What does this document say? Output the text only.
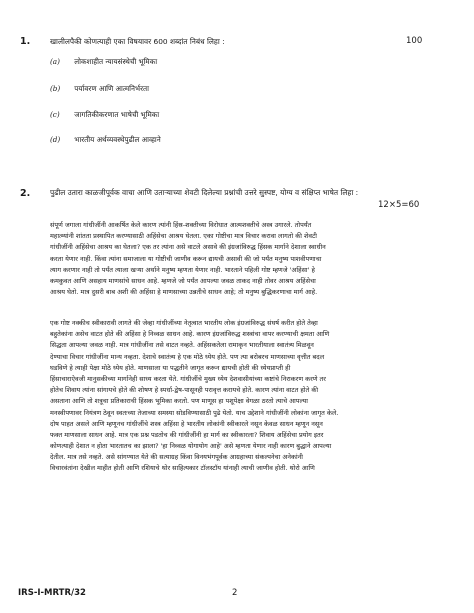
1.	खालीलपैकी कोणत्याही एका विषयावर 600 शब्दांत निबंध लिहा :	100
(a) लोकशाहीत न्यायसंस्थेची भूमिका
(b) पर्यावरण आणि आत्मनिर्भरता
(c) जागतिकीकरणात भाषेची भूमिका
(d) भारतीय अर्थव्यवस्थेपुढील आव्हाने
2.	पुढील उतारा काळजीपूर्वक वाचा आणि उताऱ्याच्या शेवटी दिलेल्या प्रश्नांची उत्तरे सुस्पष्ट, योग्य व संक्षिप्त भाषेत लिहा :
12×5=60
संपूर्ण जगाला गांधीजींनी आकर्षित केले कारण त्यांनी हिंस्र-शक्तीच्या विरोधात आत्मशक्तीचे अस्त्र उगारले. तोपर्यंत
महात्म्यांनी शांतता प्रस्थापित करण्यासाठी अहिंसेचा आश्रय घेतला. एका गोष्टीचा मात्र विचार करावा लागतो की शेवटी
गांधीजींनी अहिंसेचा आश्रय का घेतला? एक तर त्यांना असे वाटले असावे की इंग्रजांविरुद्ध हिंसक मार्गाने देशाला स्वाधीन
करता येणार नाही. किंवा त्यांना समाजाला या गोष्टीची जाणीव करून द्यायची असावी की जो पर्यंत मनुष्य पाशवीपणाचा
त्याग करणार नाही तो पर्यंत त्याला खऱ्या अर्थाने मनुष्य म्हणता येणार नाही. भारताने पहिली गोष्ट म्हणजे 'अहिंसा' हे
कमकुवत आणि असहाय माणसांचे साधन आहे. म्हणजे जो पर्यंत आपल्या जवळ ताकद नाही तोवर आश्रय अहिंसेचा
आश्रय घेतो. मात्र दुसरी बाब अशी की अहिंसा हे माणसाच्या उन्नतीचे साधन आहे; तो मनुष्य बुद्धिकरणाचा मार्ग आहे.
एक गोष्ट नक्कीच स्वीकारावी लागते की जेव्हा गांधीजींच्या नेतृत्वात भारतीय लोक इंग्रजांविरुद्ध संघर्ष करीत होते तेव्हा
बहुतेकांना असेच वाटत होते की अहिंसा हे निव्वळ साधन आहे. कारण इंग्रजांविरुद्ध शस्त्रांचा वापर करण्याची क्षमता आणि
सिद्धता आपल्या जवळ नाही. मात्र गांधीजींना तसे वाटत नव्हते. अहिंसकतेला रामाकृन भारतीयाला स्वातंत्र्य मिळवून
देण्याचा विचार गांधीजींना मान्य नव्हता. देशाचे स्वातंत्र्य हे एक मोठे ध्येय होते. पण त्या बरोबरच माणसाच्या वृत्तीत बदल
घडविणे हे त्याही पेक्षा मोठे ध्येय होते. माणसाला या पद्धतीने जागृत करून द्यायची होती की ध्येयप्राप्ती ही
हिंसाचाराऐवजी मानुसकीच्या मार्गानेही साध्य करता येते. गांधीजींचे मुख्य ध्येय देशवासीयांच्या कष्टांचे निराकरण करणे तर
होतेच शिवाय त्यांना सांगायचे होते की शोषण हे स्पर्धा-द्वेष-पासूनही परावृत्त करायचे होते. कारण त्यांना वाटत होते की
असताना आणि तो शत्रूचा प्रतिकाराची हिंसक भूमिका करतो. पण माणूस हा पशूपेक्षा वेगळा ठरतो त्याचे आपल्या
मनस्वीपणावर नियंत्रण ठेवून स्वतःच्या तेजाच्या समस्या सोडविण्यासाठी पुढे येतो. याच उद्देशाने गांधीजींनी लोकांना जागृत केले.
दोष पाहत असले आणि म्हणूनच गांधीजींचे शस्त्र अहिंसा हे भारतीय लोकांनी स्वीकारले नसून केवळ साधन म्हणून नसून
फक्त माणसाला साधन आहे. मात्र एक प्रश्न पडतोच की गांधीजींनी हा मार्ग का स्वीकारला? शिवाय अहिंसेचा प्रयोग इतर
कोणत्याही देशात न होता भारतातच का झाला? 'हा निव्वळ योगायोग आहे' असे म्हणता येणार नाही कारण बुद्धाने आपल्या
देतील. मात्र तसे नव्हते. असे सांगण्यात येते की सत्याग्रह किंवा विनयभंगपूर्वक आग्रहाच्या संकल्पनेचा अनेकांनी
विचारवंतांना देखील माहीत होती आणि रशियाचे थोर साहित्यकार टॉलस्टॉय यांनाही त्याची जाणीव होती. थोरो आणि
IRS-I-MRTR/32	2
